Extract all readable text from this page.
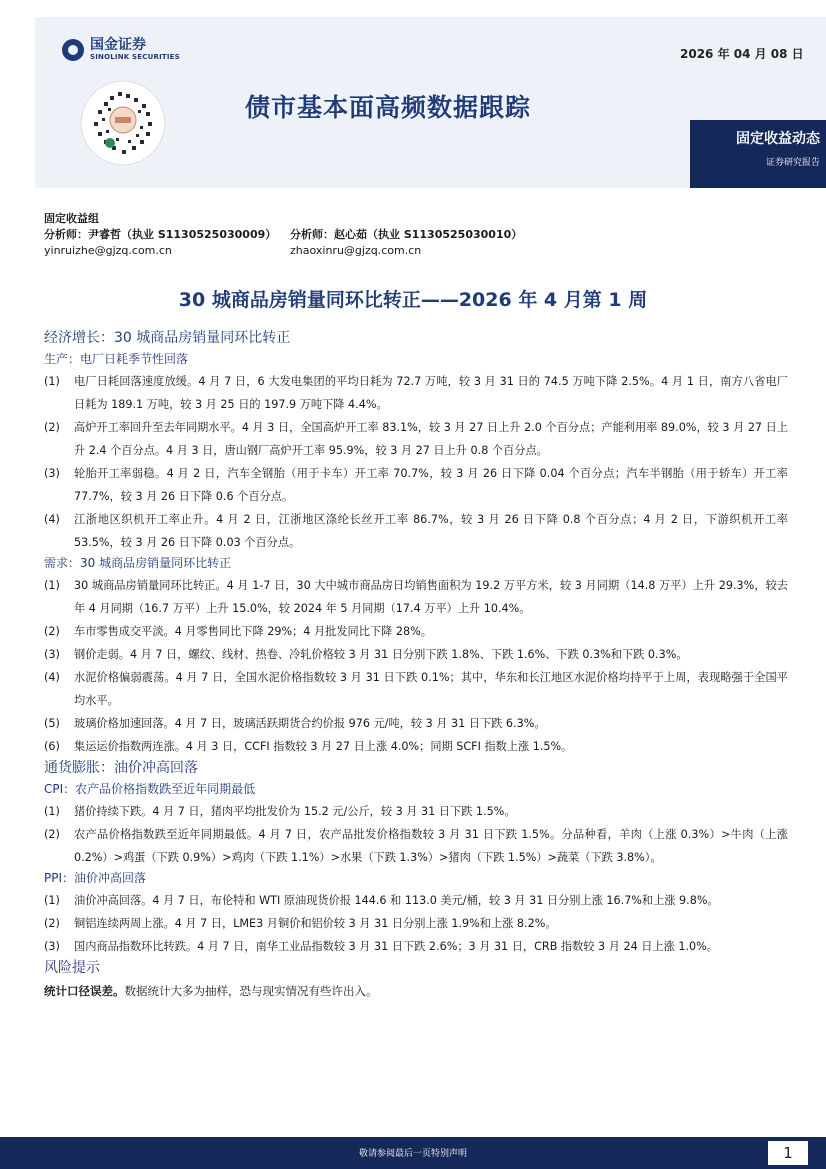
国金证券
SINOLINK SECURITIES	2026 年 04 月 08 日
债市基本面高频数据跟踪
固定收益动态
证券研究报告
固定收益组
分析师：尹睿哲（执业 S1130525030009） 分析师：赵心茹（执业 S1130525030010）
yinruizhe@gjzq.com.cn	zhaoxinru@gjzq.com.cn
30 城商品房销量同环比转正——2026 年 4 月第 1 周
经济增长：30 城商品房销量同环比转正
生产：电厂日耗季节性回落
(1) 电厂日耗回落速度放缓。4 月 7 日，6 大发电集团的平均日耗为 72.7 万吨，较 3 月 31 日的 74.5 万吨下降 2.5%。4 月 1 日，南方八省电厂日耗为 189.1 万吨，较 3 月 25 日的 197.9 万吨下降 4.4%。
(2) 高炉开工率回升至去年同期水平。4 月 3 日，全国高炉开工率 83.1%，较 3 月 27 日上升 2.0 个百分点；产能利用率 89.0%，较 3 月 27 日上升 2.4 个百分点。4 月 3 日，唐山钢厂高炉开工率 95.9%，较 3 月 27 日上升 0.8 个百分点。
(3) 轮胎开工率弱稳。4 月 2 日，汽车全钢胎（用于卡车）开工率 70.7%，较 3 月 26 日下降 0.04 个百分点；汽车半钢胎（用于轿车）开工率 77.7%，较 3 月 26 日下降 0.6 个百分点。
(4) 江浙地区织机开工率止升。4 月 2 日，江浙地区涤纶长丝开工率 86.7%，较 3 月 26 日下降 0.8 个百分点；4 月 2 日，下游织机开工率 53.5%，较 3 月 26 日下降 0.03 个百分点。
需求：30 城商品房销量同环比转正
(1) 30 城商品房销量同环比转正。4 月 1-7 日，30 大中城市商品房日均销售面积为 19.2 万平方米，较 3 月同期（14.8 万平）上升 29.3%，较去年 4 月同期（16.7 万平）上升 15.0%，较 2024 年 5 月同期（17.4 万平）上升 10.4%。
(2) 车市零售成交平淡。4 月零售同比下降 29%；4 月批发同比下降 28%。
(3) 钢价走弱。4 月 7 日，螺纹、线材、热卷、冷轧价格较 3 月 31 日分别下跌 1.8%、下跌 1.6%、下跌 0.3%和下跌 0.3%。
(4) 水泥价格偏弱震荡。4 月 7 日，全国水泥价格指数较 3 月 31 日下跌 0.1%；其中，华东和长江地区水泥价格均持平于上周，表现略强于全国平均水平。
(5) 玻璃价格加速回落。4 月 7 日，玻璃活跃期货合约价报 976 元/吨，较 3 月 31 日下跌 6.3%。
(6) 集运运价指数两连涨。4 月 3 日，CCFI 指数较 3 月 27 日上涨 4.0%；同期 SCFI 指数上涨 1.5%。
通货膨胀：油价冲高回落
CPI：农产品价格指数跌至近年同期最低
(1) 猪价持续下跌。4 月 7 日，猪肉平均批发价为 15.2 元/公斤，较 3 月 31 日下跌 1.5%。
(2) 农产品价格指数跌至近年同期最低。4 月 7 日，农产品批发价格指数较 3 月 31 日下跌 1.5%。分品种看，羊肉（上涨 0.3%）>牛肉（上涨 0.2%）>鸡蛋（下跌 0.9%）>鸡肉（下跌 1.1%）>水果（下跌 1.3%）>猪肉（下跌 1.5%）>蔬菜（下跌 3.8%）。
PPI：油价冲高回落
(1) 油价冲高回落。4 月 7 日，布伦特和 WTI 原油现货价报 144.6 和 113.0 美元/桶，较 3 月 31 日分别上涨 16.7%和上涨 9.8%。
(2) 铜铝连续两周上涨。4 月 7 日，LME3 月铜价和铝价较 3 月 31 日分别上涨 1.9%和上涨 8.2%。
(3) 国内商品指数环比转跌。4 月 7 日，南华工业品指数较 3 月 31 日下跌 2.6%；3 月 31 日，CRB 指数较 3 月 24 日上涨 1.0%。
风险提示
统计口径误差。数据统计大多为抽样，恐与现实情况有些许出入。
敬请参阅最后一页特别声明	1
